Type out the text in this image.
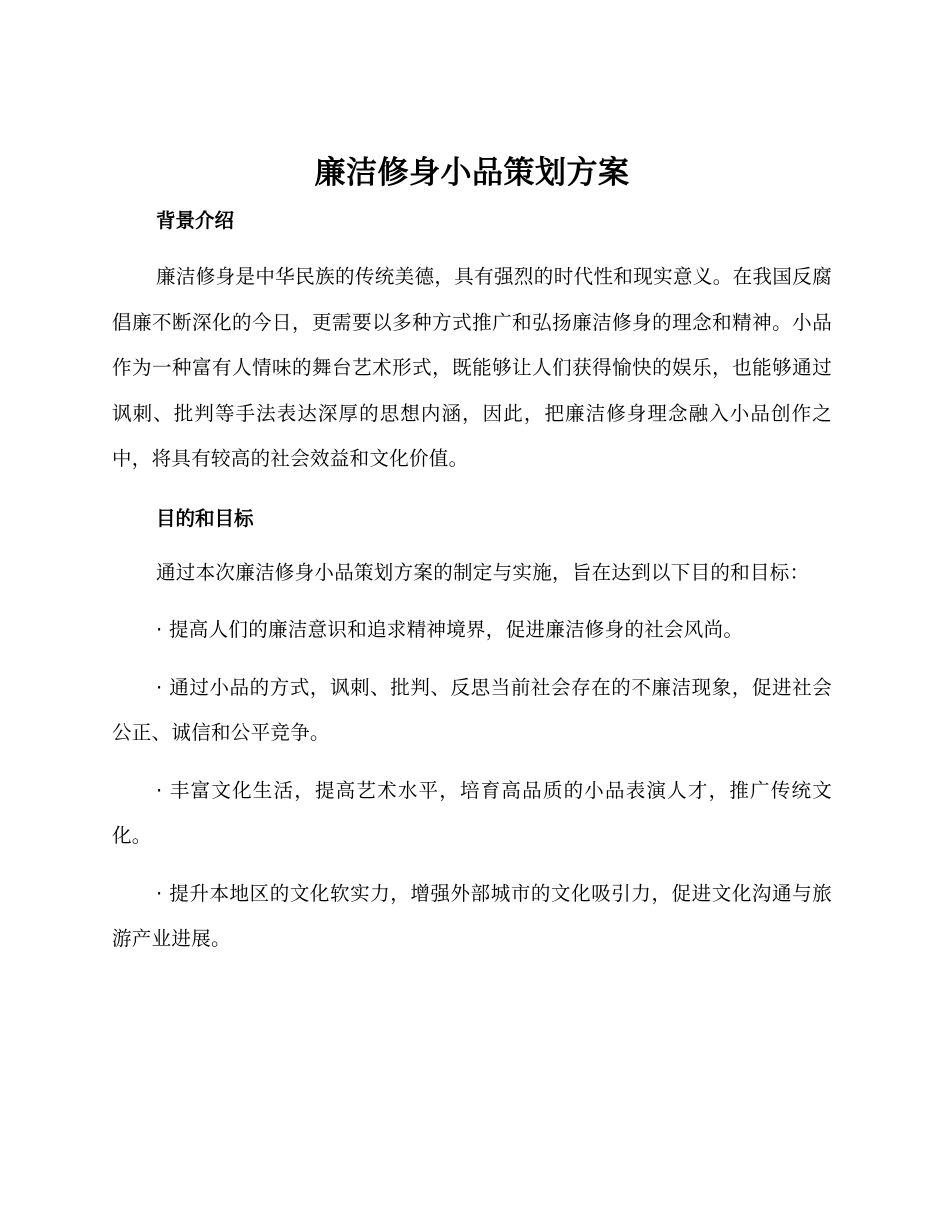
廉洁修身小品策划方案
背景介绍

廉洁修身是中华民族的传统美德，具有强烈的时代性和现实意义。在我国反腐倡廉不断深化的今日，更需要以多种方式推广和弘扬廉洁修身的理念和精神。小品作为一种富有人情味的舞台艺术形式，既能够让人们获得愉快的娱乐，也能够通过讽刺、批判等手法表达深厚的思想内涵，因此，把廉洁修身理念融入小品创作之中，将具有较高的社会效益和文化价值。

目的和目标

通过本次廉洁修身小品策划方案的制定与实施，旨在达到以下目的和目标：

· 提高人们的廉洁意识和追求精神境界，促进廉洁修身的社会风尚。

· 通过小品的方式，讽刺、批判、反思当前社会存在的不廉洁现象，促进社会公正、诚信和公平竞争。

· 丰富文化生活，提高艺术水平，培育高品质的小品表演人才，推广传统文化。

· 提升本地区的文化软实力，增强外部城市的文化吸引力，促进文化沟通与旅游产业进展。
